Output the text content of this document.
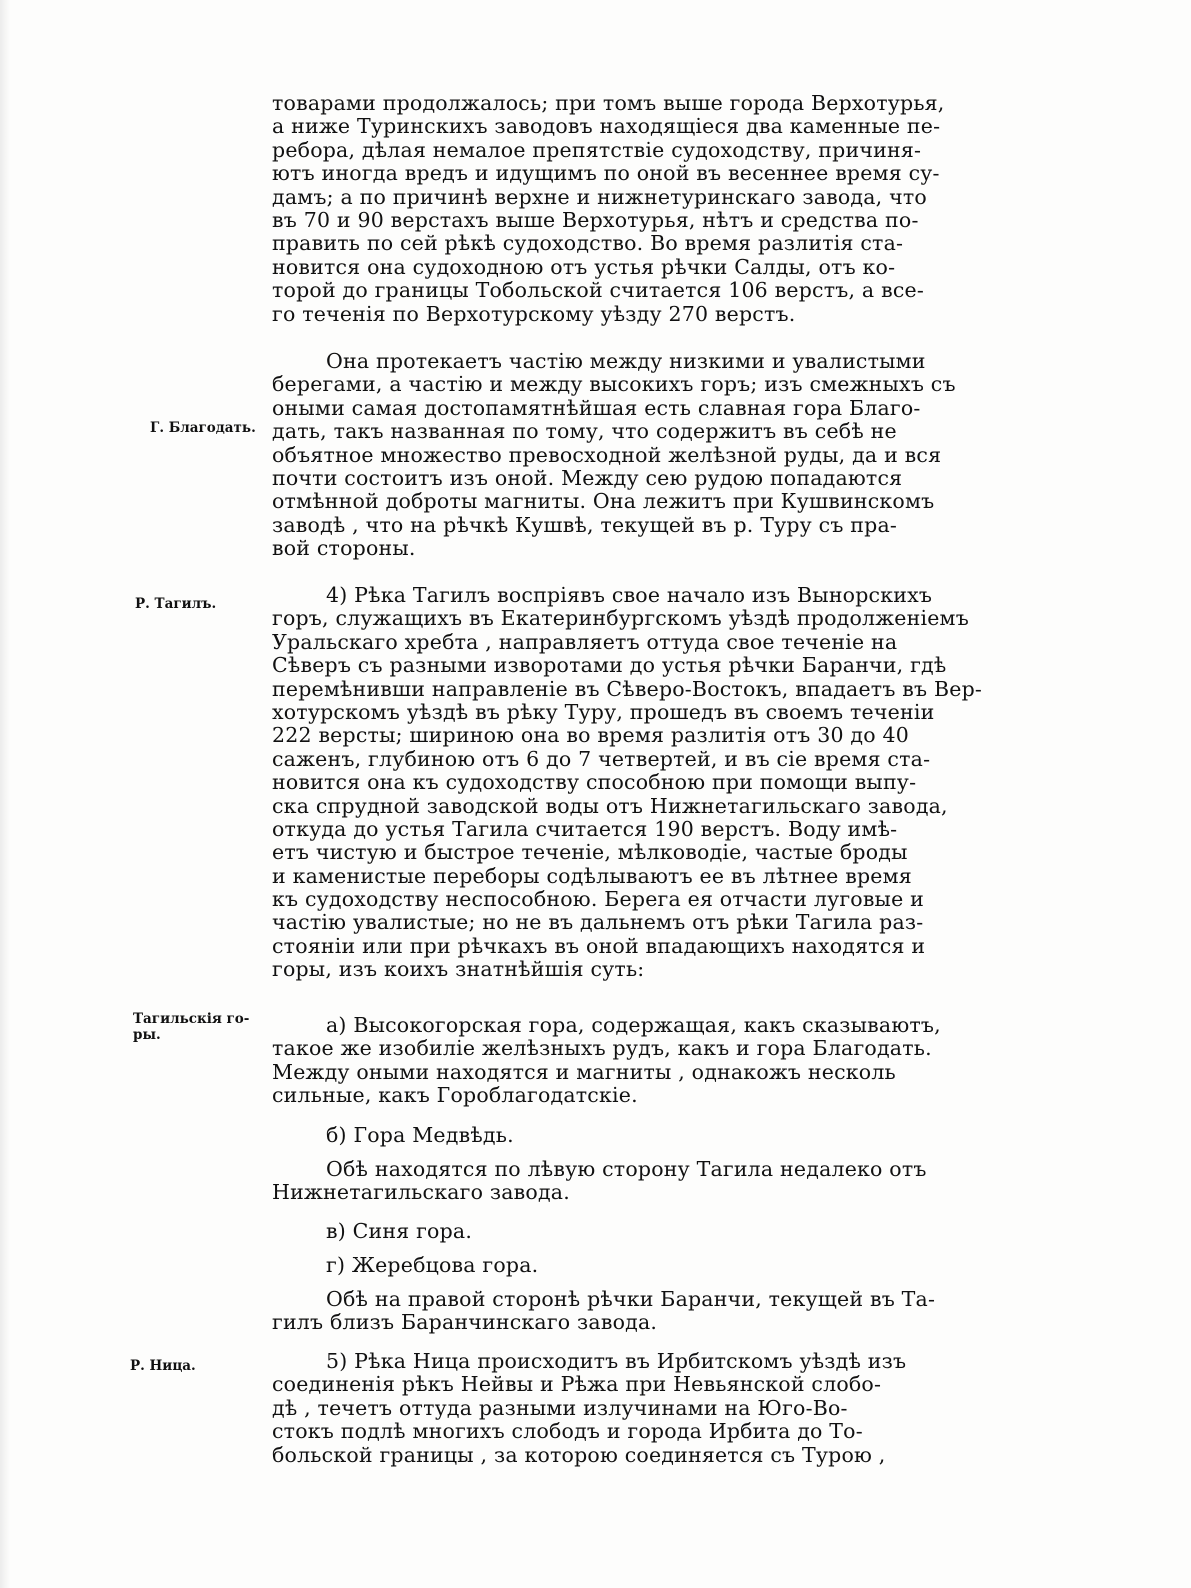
Г. Благодать.
Р. Тагилъ.
Тагильскія го-
ры.
Р. Ница.
товарами продолжалось; при томъ выше города Верхотурья,
а ниже Туринскихъ заводовъ находящіеся два каменные пе-
ребора, дѣлая немалое препятствіе судоходству, причиня-
ютъ иногда вредъ и идущимъ по оной въ весеннее время су-
дамъ; а по причинѣ верхне и нижнетуринскаго завода, что
въ 70 и 90 верстахъ выше Верхотурья, нѣтъ и средства по-
править по сей рѣкѣ судоходство. Во время разлитія ста-
новится она судоходною отъ устья рѣчки Салды, отъ ко-
торой до границы Тобольской считается 106 верстъ, а все-
го теченія по Верхотурскому уѣзду 270 верстъ.
Она протекаетъ частію между низкими и увалистыми
берегами, а частію и между высокихъ горъ; изъ смежныхъ съ
оными самая достопамятнѣйшая есть славная гора Благо-
дать, такъ названная по тому, что содержитъ въ себѣ не
объятное множество превосходной желѣзной руды, да и вся
почти состоитъ изъ оной. Между сею рудою попадаются
отмѣнной доброты магниты. Она лежитъ при Кушвинскомъ
заводѣ , что на рѣчкѣ Кушвѣ, текущей въ р. Туру съ пра-
вой стороны.
4) Рѣка Тагилъ воспріявъ свое начало изъ Вынорскихъ
горъ, служащихъ въ Екатеринбургскомъ уѣздѣ продолженіемъ
Уральскаго хребта , направляетъ оттуда свое теченіе на
Сѣверъ съ разными изворотами до устья рѣчки Баранчи, гдѣ
перемѣнивши направленіе въ Сѣверо-Востокъ, впадаетъ въ Вер-
хотурскомъ уѣздѣ въ рѣку Туру, прошедъ въ своемъ теченіи
222 версты; шириною она во время разлитія отъ 30 до 40
саженъ, глубиною отъ 6 до 7 четвертей, и въ сіе время ста-
новится она къ судоходству способною при помощи выпу-
ска спрудной заводской воды отъ Нижнетагильскаго завода,
откуда до устья Тагила считается 190 верстъ. Воду имѣ-
етъ чистую и быстрое теченіе, мѣлководіе, частые броды
и каменистые переборы содѣлываютъ ее въ лѣтнее время
къ судоходству неспособною. Берега ея отчасти луговые и
частію увалистые; но не въ дальнемъ отъ рѣки Тагила раз-
стояніи или при рѣчкахъ въ оной впадающихъ находятся и
горы, изъ коихъ знатнѣйшія суть:
а) Высокогорская гора, содержащая, какъ сказываютъ,
такое же изобиліе желѣзныхъ рудъ, какъ и гора Благодать.
Между оными находятся и магниты , однакожъ несколь
сильные, какъ Гороблагодатскіе.
б) Гора Медвѣдь.
Обѣ находятся по лѣвую сторону Тагила недалеко отъ
Нижнетагильскаго завода.
в) Синя гора.
г) Жеребцова гора.
Обѣ на правой сторонѣ рѣчки Баранчи, текущей въ Та-
гилъ близъ Баранчинскаго завода.
5) Рѣка Ница происходитъ въ Ирбитскомъ уѣздѣ изъ
соединенія рѣкъ Нейвы и Рѣжа при Невьянской слобо-
дѣ , течетъ оттуда разными излучинами на Юго-Во-
стокъ подлѣ многихъ слободъ и города Ирбита до То-
больской границы , за которою соединяется съ Турою ,
